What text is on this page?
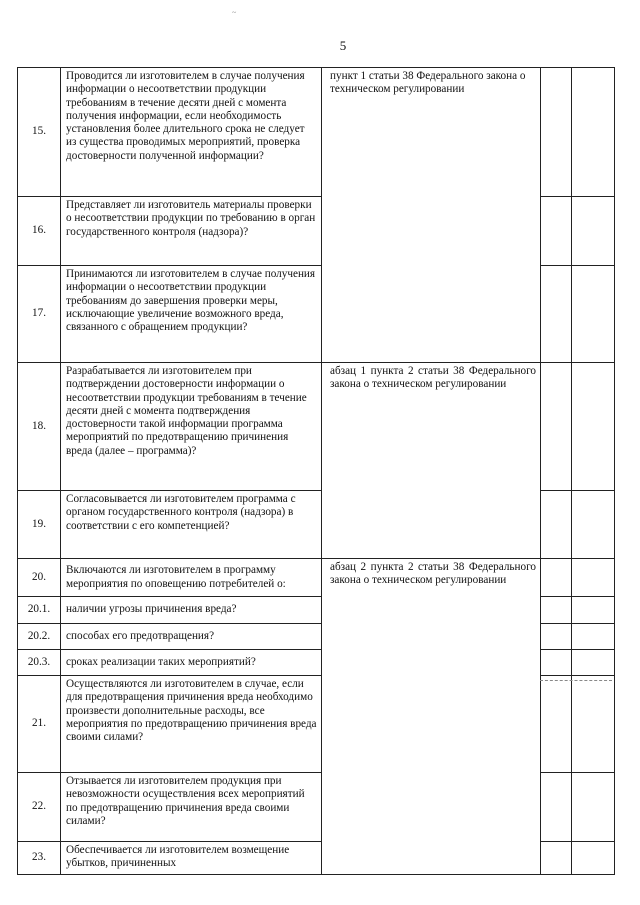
~
5
15.	Проводится ли изготовителем в случае получения информации о несоответствии продукции требованиям в течение десяти дней с момента получения информации, если необходимость установления более длительного срока не следует из существа проводимых мероприятий, проверка достоверности полученной информации?	пункт 1 статьи 38 Федерального закона о техническом регулировании		

16.	Представляет ли изготовитель материалы проверки о несоответствии продукции по требованию в орган государственного контроля (надзора)?			
17.	Принимаются ли изготовителем в случае получения информации о несоответствии продукции требованиям до завершения проверки меры, исключающие увеличение возможного вреда, связанного с обращением продукции?			
18.	Разрабатывается ли изготовителем при подтверждении достоверности информации о несоответствии продукции требованиям в течение десяти дней с момента подтверждения достоверности такой информации программа мероприятий по предотвращению причинения вреда (далее – программа)?	абзац 1 пункта 2 статьи 38 Федерального закона о техническом регулировании		

19.	Согласовывается ли изготовителем программа с органом государственного контроля (надзора) в соответствии с его компетенцией?			
20.	Включаются ли изготовителем в программу мероприятия по оповещению потребителей о:	абзац 2 пункта 2 статьи 38 Федерального закона о техническом регулировании		

20.1.	наличии угрозы причинения вреда?			
20.2.	способах его предотвращения?			
20.3.	сроках реализации таких мероприятий?			
21.	Осуществляются ли изготовителем в случае, если для предотвращения причинения вреда необходимо произвести дополнительные расходы, все мероприятия по предотвращению причинения вреда своими силами?			
22.	Отзывается ли изготовителем продукция при невозможности осуществления всех мероприятий по предотвращению причинения вреда своими силами?			
23.	Обеспечивается ли изготовителем возмещение убытков, причиненных			
